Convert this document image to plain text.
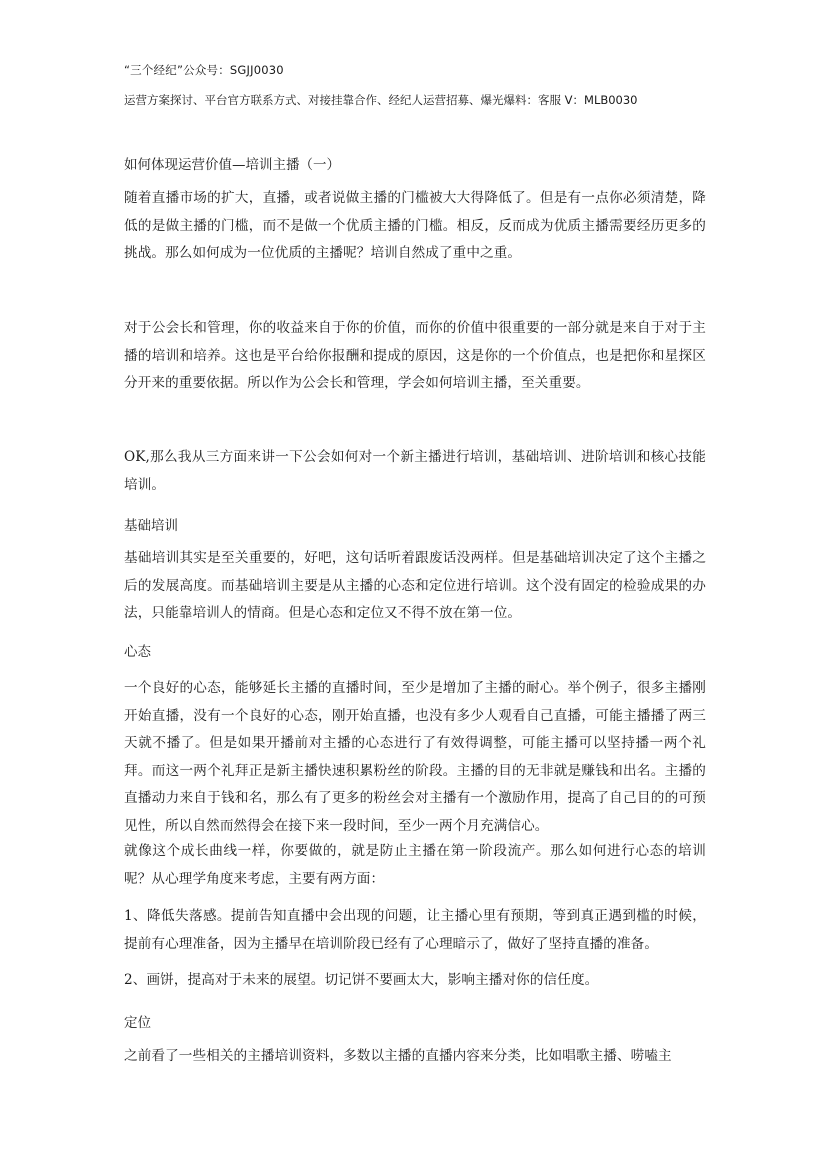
“三个经纪”公众号：SGJJ0030
运营方案探讨、平台官方联系方式、对接挂靠合作、经纪人运营招募、爆光爆料：客服 V：MLB0030
如何体现运营价值—培训主播（一）
随着直播市场的扩大，直播，或者说做主播的门槛被大大得降低了。但是有一点你必须清楚，降低的是做主播的门槛，而不是做一个优质主播的门槛。相反，反而成为优质主播需要经历更多的挑战。那么如何成为一位优质的主播呢？培训自然成了重中之重。
对于公会长和管理，你的收益来自于你的价值，而你的价值中很重要的一部分就是来自于对于主播的培训和培养。这也是平台给你报酬和提成的原因，这是你的一个价值点，也是把你和星探区分开来的重要依据。所以作为公会长和管理，学会如何培训主播，至关重要。
OK,那么我从三方面来讲一下公会如何对一个新主播进行培训，基础培训、进阶培训和核心技能培训。
基础培训
基础培训其实是至关重要的，好吧，这句话听着跟废话没两样。但是基础培训决定了这个主播之后的发展高度。而基础培训主要是从主播的心态和定位进行培训。这个没有固定的检验成果的办法，只能靠培训人的情商。但是心态和定位又不得不放在第一位。
心态
一个良好的心态，能够延长主播的直播时间，至少是增加了主播的耐心。举个例子，很多主播刚开始直播，没有一个良好的心态，刚开始直播，也没有多少人观看自己直播，可能主播播了两三天就不播了。但是如果开播前对主播的心态进行了有效得调整，可能主播可以坚持播一两个礼拜。而这一两个礼拜正是新主播快速积累粉丝的阶段。主播的目的无非就是赚钱和出名。主播的直播动力来自于钱和名，那么有了更多的粉丝会对主播有一个激励作用，提高了自己目的的可预见性，所以自然而然得会在接下来一段时间，至少一两个月充满信心。
就像这个成长曲线一样，你要做的，就是防止主播在第一阶段流产。那么如何进行心态的培训呢？从心理学角度来考虑，主要有两方面：
1、降低失落感。提前告知直播中会出现的问题，让主播心里有预期，等到真正遇到槛的时候，提前有心理准备，因为主播早在培训阶段已经有了心理暗示了，做好了坚持直播的准备。
2、画饼，提高对于未来的展望。切记饼不要画太大，影响主播对你的信任度。
定位
之前看了一些相关的主播培训资料，多数以主播的直播内容来分类，比如唱歌主播、唠嗑主
